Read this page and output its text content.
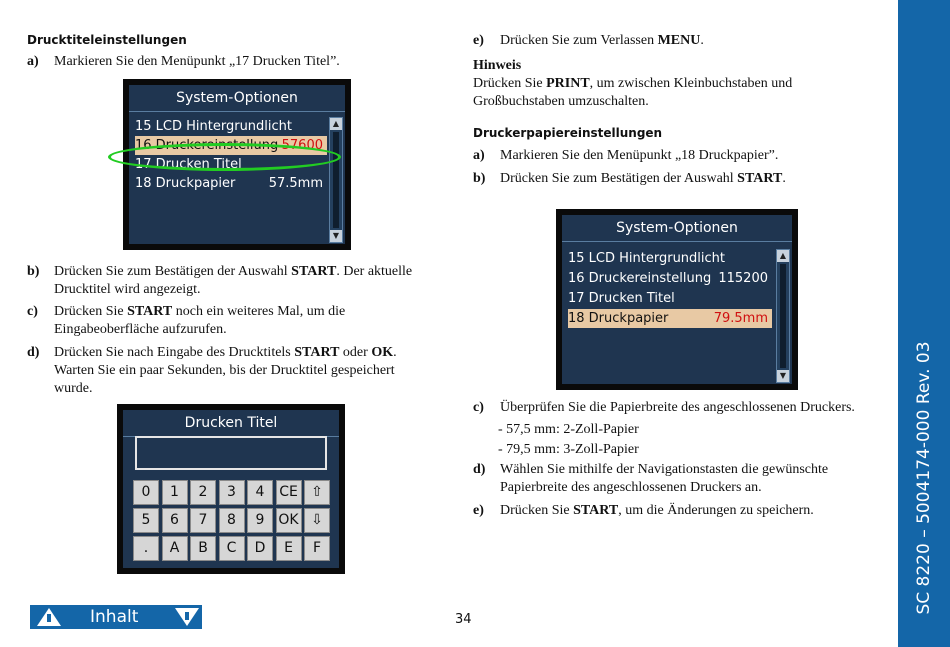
Drucktiteleinstellungen
a) Markieren Sie den Menüpunkt „17 Drucken Titel”.
System-Optionen
15 LCD Hintergrundlicht
16 Druckereinstellung 57600
17 Drucken Titel
18 Druckpapier	57.5mm
▲
▼
b) Drücken Sie zum Bestätigen der Auswahl START. Der aktuelle
Drucktitel wird angezeigt.
c) Drücken Sie START noch ein weiteres Mal, um die
Eingabeoberfläche aufzurufen.
d) Drücken Sie nach Eingabe des Drucktitels START oder OK.
Warten Sie ein paar Sekunden, bis der Drucktitel gespeichert
wurde.
Drucken Titel
0	1	2	3	4	CE ⇧
5	6	7	8	9 OK ⇩
.	A	B	C	D	E	F
e) Drücken Sie zum Verlassen MENU.
Hinweis
Drücken Sie PRINT, um zwischen Kleinbuchstaben und
Großbuchstaben umzuschalten.
Druckerpapiereinstellungen
a) Markieren Sie den Menüpunkt „18 Druckpapier”.
b) Drücken Sie zum Bestätigen der Auswahl START.
System-Optionen
15 LCD Hintergrundlicht
16 Druckereinstellung 115200
17 Drucken Titel
18 Druckpapier	79.5mm
▲
▼
c) Überprüfen Sie die Papierbreite des angeschlossenen Druckers.
- 57,5 mm: 2-Zoll-Papier
- 79,5 mm: 3-Zoll-Papier
d) Wählen Sie mithilfe der Navigationstasten die gewünschte
Papierbreite des angeschlossenen Druckers an.
e) Drücken Sie START, um die Änderungen zu speichern.
Inhalt	34
SC 8220 – 5004174-000 Rev. 03
